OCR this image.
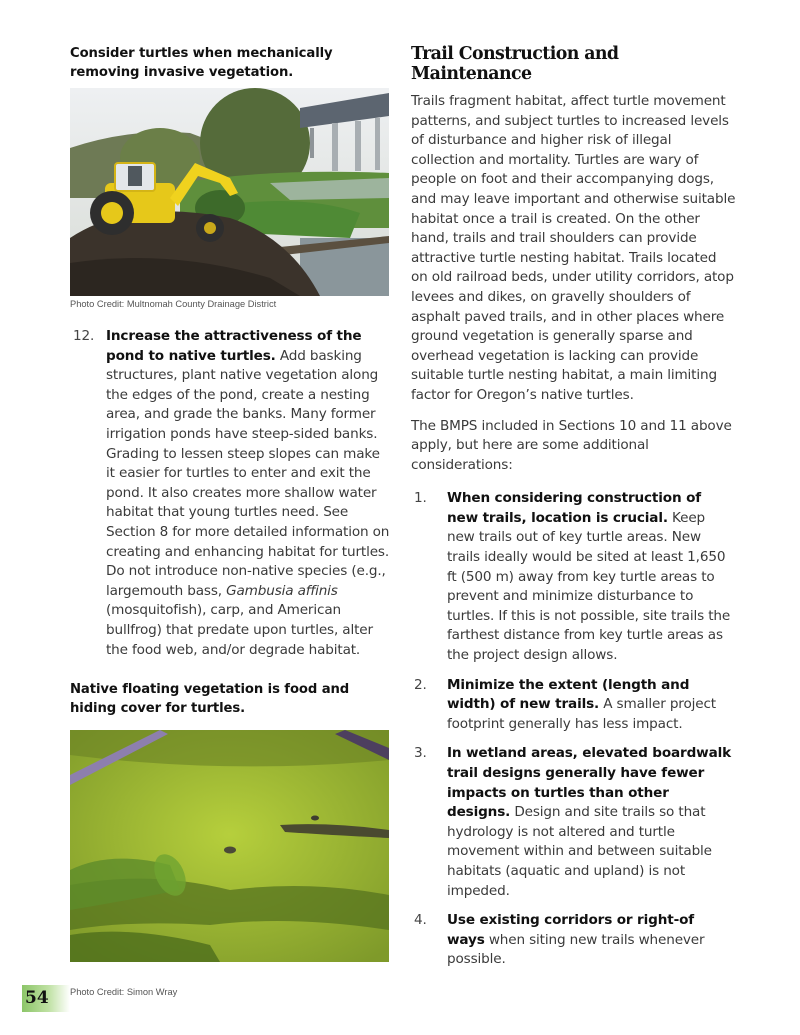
Consider turtles when mechanically removing invasive vegetation.

Photo Credit: Multnomah County Drainage District
12. Increase the attractiveness of the pond to native turtles. Add basking structures, plant native vegetation along the edges of the pond, create a nesting area, and grade the banks. Many former irrigation ponds have steep-sided banks. Grading to lessen steep slopes can make it easier for turtles to enter and exit the pond. It also creates more shallow water habitat that young turtles need. See Section 8 for more detailed information on creating and enhancing habitat for turtles. Do not introduce non-native species (e.g., largemouth bass, Gambusia affinis (mosquitofish), carp, and American bullfrog) that predate upon turtles, alter the food web, and/or degrade habitat.

Native floating vegetation is food and hiding cover for turtles.

54 Photo Credit: Simon Wray
Trail Construction and Maintenance

Trails fragment habitat, affect turtle movement patterns, and subject turtles to increased levels of disturbance and higher risk of illegal collection and mortality. Turtles are wary of people on foot and their accompanying dogs, and may leave important and otherwise suitable habitat once a trail is created. On the other hand, trails and trail shoulders can provide attractive turtle nesting habitat. Trails located on old railroad beds, under utility corridors, atop levees and dikes, on gravelly shoulders of asphalt paved trails, and in other places where ground vegetation is generally sparse and overhead vegetation is lacking can provide suitable turtle nesting habitat, a main limiting factor for Oregon’s native turtles.

The BMPS included in Sections 10 and 11 above apply, but here are some additional considerations:

1. When considering construction of new trails, location is crucial. Keep new trails out of key turtle areas. New trails ideally would be sited at least 1,650 ft (500 m) away from key turtle areas to prevent and minimize disturbance to turtles. If this is not possible, site trails the farthest distance from key turtle areas as the project design allows.
2. Minimize the extent (length and width) of new trails. A smaller project footprint generally has less impact.
3. In wetland areas, elevated boardwalk trail designs generally have fewer impacts on turtles than other designs. Design and site trails so that hydrology is not altered and turtle movement within and between suitable habitats (aquatic and upland) is not impeded.
4. Use existing corridors or right-of ways when siting new trails whenever possible.
